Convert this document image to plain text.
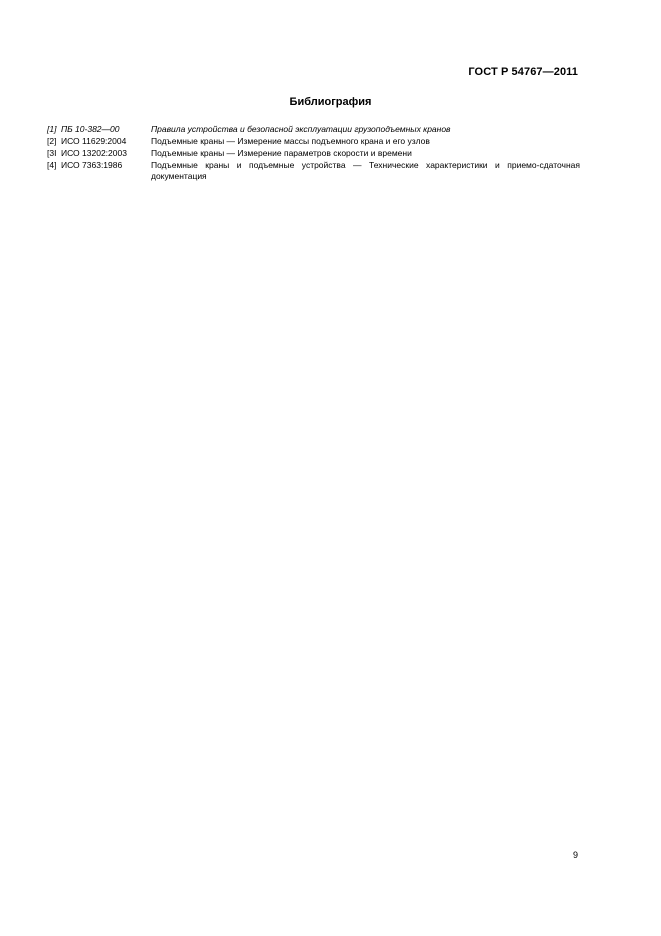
ГОСТ Р 54767—2011
Библиография
[1] ПБ 10-382—00	Правила устройства и безопасной эксплуатации грузоподъемных кранов
[2] ИСО 11629:2004	Подъемные краны — Измерение массы подъемного крана и его узлов
[3I ИСО 13202:2003	Подъемные краны — Измерение параметров скорости и времени
[4] ИСО 7363:1986	Подъемные краны и подъемные устройства — Технические характеристики и приемо-сдаточная документация
9
